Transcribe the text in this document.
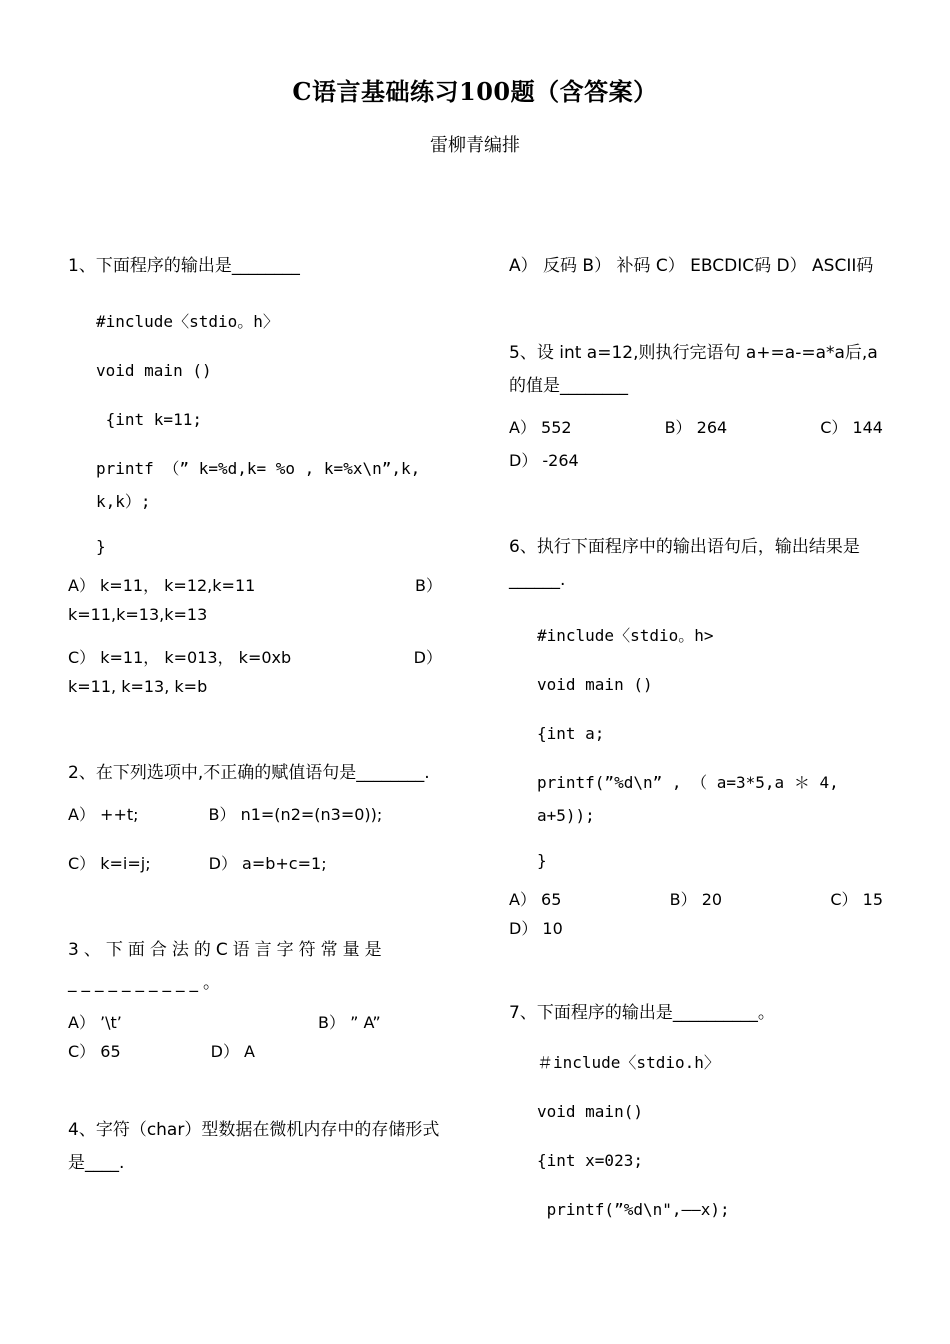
C语言基础练习100题（含答案）
雷柳青编排

1、下面程序的输出是________

#include〈stdio。h〉

void main ()

{int k=11;

printf （” k=%d,k= %o , k=%x\n”,k, k,k）;

}

A） k=11， k=12,k=11	B）

k=11,k=13,k=13

C） k=11， k=013， k=0xb	D）

k=11, k=13, k=b

2、在下列选项中,不正确的赋值语句是________.

A） ++t;	B） n1=(n2=(n3=0));
C） k=i=j;	D） a=b+c=1;

3、下面合法的C语言字符常量是__________。

A） ’\t’	B） ” A”
C） 65	D） A

4、字符（char）型数据在微机内存中的存储形式是____.

A） 反码 B） 补码 C） EBCDIC码 D） ASCII码

5、设 int a=12,则执行完语句 a+=a-=a*a后,a的值是________

A） 552	B） 264	C） 144

D） -264

6、执行下面程序中的输出语句后，输出结果是______.

#include〈stdio。h>

void main ()

{int a;

printf(”%d\n” , （ a=3*5,a ＊ 4, a+5));

}

A） 65	B） 20	C） 15

D） 10

7、下面程序的输出是__________。

＃include〈stdio.h〉

void main()

{int x=023;

printf(”%d\n",——x);
